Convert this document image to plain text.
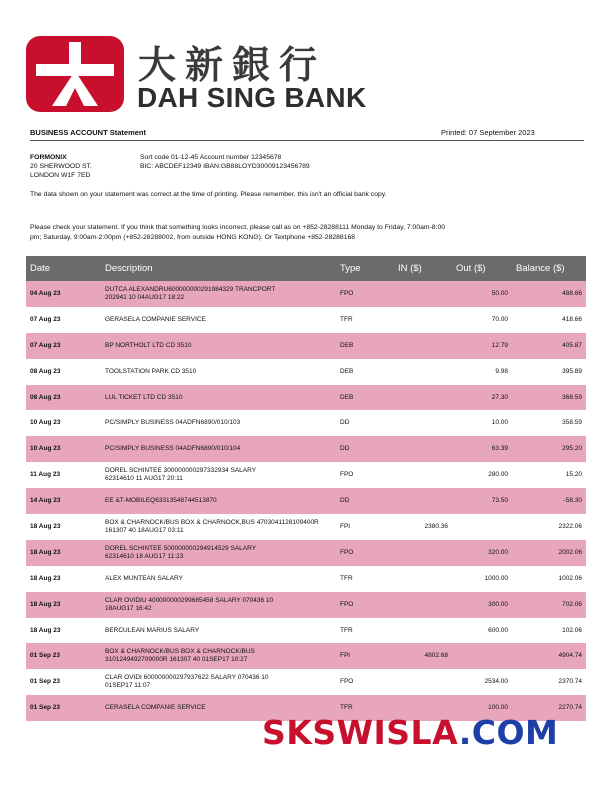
大新銀行
DAH SING BANK
BUSINESS ACCOUNT Statement	Printed: 07 September 2023
FORMONIX
20 SHERWOOD ST.
LONDON W1F 7ED
Sort code 01-12-45 Account number 12345678
BIC: ABCDEF12349 IBAN:GB88LOYD30009123456789
The data shown on your statement was correct at the time of printing. Please remember, this isn't an official bank copy.
Please check your statement. If you think that something looks incorrect, please call as on +852-28288111 Monday to Friday, 7:00am-8:00 pm; Saturday, 9:00am-2:00pm (+852-28288002, from outside HONG KONG). Or Textphone +852-28288168
Date	Description	Type	IN ($)	Out ($)	Balance ($)
04 Aug 23	DUTCA ALEXANDRU600000000291984329 TRANCPORT
202941 10 04AUG17 18:22	FPO		50.00	488.66
07 Aug 23	GERASELA COMPANIE SERVICE	TFR		70.00	418.66
07 Aug 23	BP NORTHOLT LTD CD 3510	DEB		12.79	405.87
08 Aug 23	TOOLSTATION PARK CD 3510	DEB		9.98	395.89
08 Aug 23	LUL TICKET LTD CD 3510	DEB		27.30	368.59
10 Aug 23	PC/SIMPLY BUSINESS 04ADFN6890/010/103	DD		10.00	358.59
10 Aug 23	PC/SIMPLY BUSINESS 04ADFN6890/010/104	DD		63.39	295.20
11 Aug 23	DOREL SCHINTEE 300000000297332934 SALARY
62314610 11 AUG17 20:11	FPO		280.00	15.20
14 Aug 23	EE &T-MOBILEQ63313548744513870	DD		73.50	-58.30
18 Aug 23	BOX & CHARNOCK/BUS BOX & CHARNOCK,BUS 4703041128109400R
161307 40 18AUG17 03:11	FPI	2380.36		2322.06
18 Aug 23	DOREL SCHINTEE 500000000294914529 SALARY
62314610 18 AUG17 11:23	FPO		320.00	2002.06
18 Aug 23	ALEX MUNTEAN SALARY	TFR		1000.00	1002.06
18 Aug 23	CLAR OVIDIU 400000000299685458 SALARY 070436 10
18AUG17 16:42	FPO		300.00	702.06
18 Aug 23	BERCULEAN MARIUS SALARY	TFR		600.00	102.06
01 Sep 23	BOX & CHARNOCK/BUS BOX & CHARNOCK/BUS
3101249492709000R 161307 40 01SEP17 10:27	FPI	4802.68		4904.74
01 Sep 23	CLAR OVIDI 600000000297937622 SALARY 070436 10
01SEP17 11:07	FPO		2534.00	2370.74
01 Sep 23	CERASELA COMPANIE SERVICE	TFR		100.00	2270.74
SKSWISLA.COM
